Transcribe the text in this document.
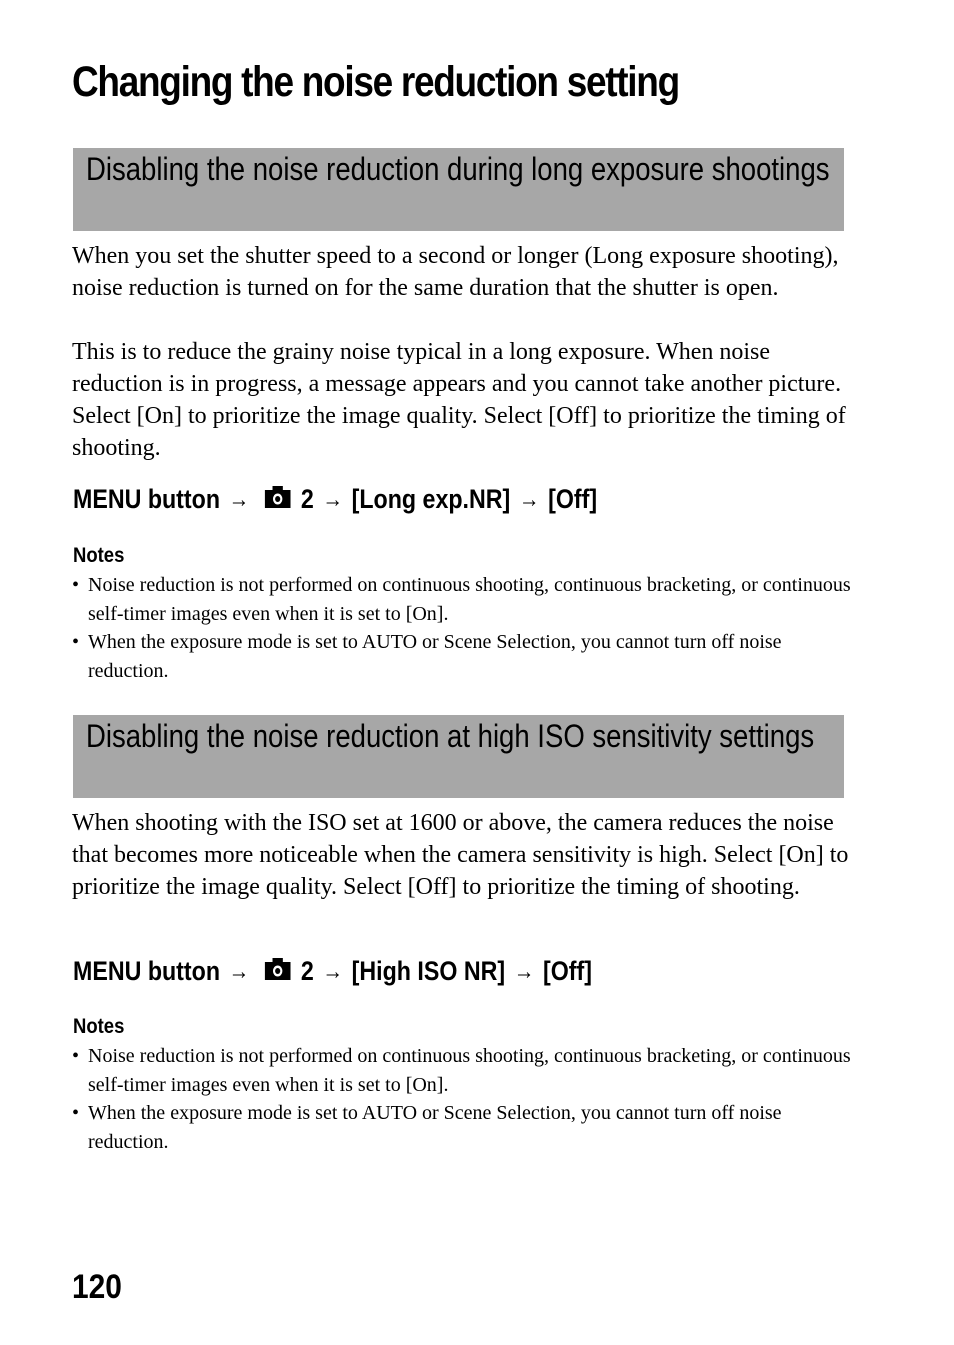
Changing the noise reduction setting
Disabling the noise reduction during long exposure shootings

When you set the shutter speed to a second or longer (Long exposure shooting), noise reduction is turned on for the same duration that the shutter is open.

This is to reduce the grainy noise typical in a long exposure. When noise reduction is in progress, a message appears and you cannot take another picture. Select [On] to prioritize the image quality. Select [Off] to prioritize the timing of shooting.

MENU button → 2 → [Long exp.NR] → [Off]
Notes
• Noise reduction is not performed on continuous shooting, continuous bracketing, or continuous self-timer images even when it is set to [On].
• When the exposure mode is set to AUTO or Scene Selection, you cannot turn off noise reduction.
Disabling the noise reduction at high ISO sensitivity settings

When shooting with the ISO set at 1600 or above, the camera reduces the noise that becomes more noticeable when the camera sensitivity is high. Select [On] to prioritize the image quality. Select [Off] to prioritize the timing of shooting.

MENU button → 2 → [High ISO NR] → [Off]
Notes
• Noise reduction is not performed on continuous shooting, continuous bracketing, or continuous self-timer images even when it is set to [On].
• When the exposure mode is set to AUTO or Scene Selection, you cannot turn off noise reduction.
120
